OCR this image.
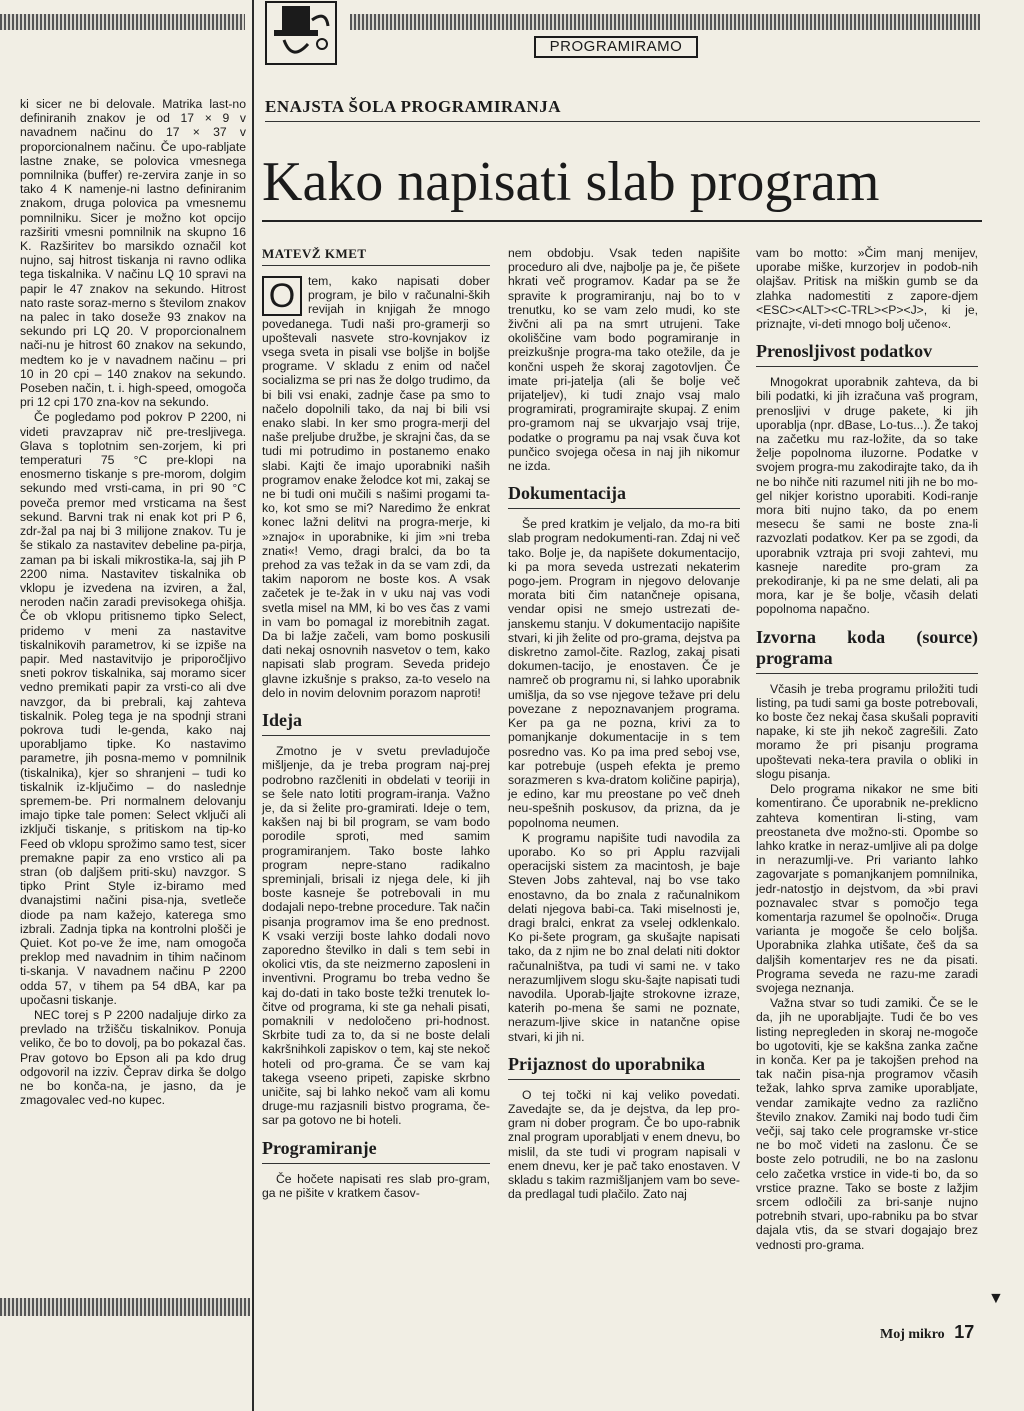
PROGRAMIRAMO
ENAJSTA ŠOLA PROGRAMIRANJA
Kako napisati slab program

ki sicer ne bi delovale. Matrika last-no definiranih znakov je od 17 × 9 v navadnem načinu do 17 × 37 v proporcionalnem načinu. Če upo-rabljate lastne znake, se polovica vmesnega pomnilnika (buffer) re-zervira zanje in so tako 4 K namenje-ni lastno definiranim znakom, druga polovica pa vmesnemu pomnilniku. Sicer je možno kot opcijo razširiti vmesni pomnilnik na skupno 16 K. Razširitev bo marsikdo označil kot nujno, saj hitrost tiskanja ni ravno odlika tega tiskalnika. V načinu LQ 10 spravi na papir le 47 znakov na sekundo. Hitrost nato raste soraz-merno s številom znakov na palec in tako doseže 93 znakov na sekundo pri LQ 20. V proporcionalnem nači-nu je hitrost 60 znakov na sekundo, medtem ko je v navadnem načinu – pri 10 in 20 cpi – 140 znakov na sekundo. Poseben način, t. i. high-speed, omogoča pri 12 cpi 170 zna-kov na sekundo.

Če pogledamo pod pokrov P 2200, ni videti pravzaprav nič pre-tresljivega. Glava s toplotnim sen-zorjem, ki pri temperaturi 75 °C pre-klopi na enosmerno tiskanje s pre-morom, dolgim sekundo med vrsti-cama, in pri 90 °C poveča premor med vrsticama na šest sekund. Barvni trak ni enak kot pri P 6, zdr-žal pa naj bi 3 milijone znakov. Tu je še stikalo za nastavitev debeline pa-pirja, zaman pa bi iskali mikrostika-la, saj jih P 2200 nima. Nastavitev tiskalnika ob vklopu je izvedena na izviren, a žal, neroden način zaradi previsokega ohišja. Če ob vklopu pritisnemo tipko Select, pridemo v meni za nastavitve tiskalnikovih parametrov, ki se izpiše na papir. Med nastavitvijo je priporočljivo sneti pokrov tiskalnika, saj moramo sicer vedno premikati papir za vrsti-co ali dve navzgor, da bi prebrali, kaj zahteva tiskalnik. Poleg tega je na spodnji strani pokrova tudi le-genda, kako naj uporabljamo tipke. Ko nastavimo parametre, jih posna-memo v pomnilnik (tiskalnika), kjer so shranjeni – tudi ko tiskalnik iz-ključimo – do naslednje spremem-be. Pri normalnem delovanju imajo tipke tale pomen: Select vključi ali izključi tiskanje, s pritiskom na tip-ko Feed ob vklopu sprožimo samo test, sicer premakne papir za eno vrstico ali pa stran (ob daljšem priti-sku) navzgor. S tipko Print Style iz-biramo med dvanajstimi načini pisa-nja, svetleče diode pa nam kažejo, katerega smo izbrali. Zadnja tipka na kontrolni plošči je Quiet. Kot po-ve že ime, nam omogoča preklop med navadnim in tihim načinom ti-skanja. V navadnem načinu P 2200 odda 57, v tihem pa 54 dBA, kar pa upočasni tiskanje.

NEC torej s P 2200 nadaljuje dirko za prevlado na tržišču tiskalnikov. Ponuja veliko, če bo to dovolj, pa bo pokazal čas. Prav gotovo bo Epson ali pa kdo drug odgovoril na izziv. Čeprav dirka še dolgo ne bo konča-na, je jasno, da je zmagovalec ved-no kupec.

MATEVŽ KMET

O	tem, kako napisati dober program, je bilo v računalni-ških revijah in knjigah že mnogo povedanega. Tudi naši pro-gramerji so upoštevali nasvete stro-kovnjakov iz vsega sveta in pisali vse boljše in boljše programe. V skladu z enim od načel socializma se pri nas že dolgo trudimo, da bi bili vsi enaki, zadnje čase pa smo to načelo dopolnili tako, da naj bi bili vsi enako slabi. In ker smo progra-merji del naše preljube družbe, je skrajni čas, da se tudi mi potrudimo in postanemo enako slabi. Kajti če imajo uporabniki naših programov enake želodce kot mi, zakaj se ne bi tudi oni mučili s našimi progami ta-ko, kot smo se mi? Naredimo že enkrat konec lažni delitvi na progra-merje, ki »znajo« in uporabnike, ki jim »ni treba znati«! Vemo, dragi bralci, da bo ta prehod za vas težak in da se vam zdi, da takim naporom ne boste kos. A vsak začetek je te-žak in v uku naj vas vodi svetla misel na MM, ki bo ves čas z vami in vam bo pomagal iz morebitnih zagat. Da bi lažje začeli, vam bomo poskusili dati nekaj osnovnih nasvetov o tem, kako napisati slab program. Seveda pridejo glavne izkušnje s prakso, za-to veselo na delo in novim delovnim porazom naproti!

Ideja

Zmotno je v svetu prevladujoče mišljenje, da je treba program naj-prej podrobno razčleniti in obdelati v teoriji in se šele nato lotiti program-iranja. Važno je, da si želite pro-gramirati. Ideje o tem, kakšen naj bi bil program, se vam bodo porodile sproti, med samim programiranjem. Tako boste lahko program nepre-stano radikalno spreminjali, brisali iz njega dele, ki jih boste kasneje še potrebovali in mu dodajali nepo-trebne procedure. Tak način pisanja programov ima še eno prednost. K vsaki verziji boste lahko dodali novo zaporedno številko in dali s tem sebi in okolici vtis, da ste neizmerno zaposleni in inventivni. Programu bo treba vedno še kaj do-dati in tako boste težki trenutek lo-čitve od programa, ki ste ga nehali pisati, pomaknili v nedoločeno pri-hodnost. Skrbite tudi za to, da si ne boste delali kakršnihkoli zapiskov o tem, kaj ste nekoč hoteli od pro-grama. Če se vam kaj takega vseeno pripeti, zapiske skrbno uničite, saj bi lahko nekoč vam ali komu druge-mu razjasnili bistvo programa, če-sar pa gotovo ne bi hoteli.

Programiranje

Če hočete napisati res slab pro-gram, ga ne pišite v kratkem časov-

nem obdobju. Vsak teden napišite proceduro ali dve, najbolje pa je, če pišete hkrati več programov. Kadar pa se že spravite k programiranju, naj bo to v trenutku, ko se vam zelo mudi, ko ste živčni ali pa na smrt utrujeni. Take okoliščine vam bodo pogramiranje in preizkušnje progra-ma tako otežile, da je končni uspeh že skoraj zagotovljen. Če imate pri-jatelja (ali še bolje več prijateljev), ki tudi znajo vsaj malo programirati, programirajte skupaj. Z enim pro-gramom naj se ukvarjajo vsaj trije, podatke o programu pa naj vsak čuva kot punčico svojega očesa in naj jih nikomur ne izda.

Dokumentacija

Še pred kratkim je veljalo, da mo-ra biti slab program nedokumenti-ran. Zdaj ni več tako. Bolje je, da napišete dokumentacijo, ki pa mora seveda ustrezati nekaterim pogo-jem. Program in njegovo delovanje morata biti čim natančneje opisana, vendar opisi ne smejo ustrezati de-janskemu stanju. V dokumentacijo napišite stvari, ki jih želite od pro-grama, dejstva pa diskretno zamol-čite. Razlog, zakaj pisati dokumen-tacijo, je enostaven. Če je namreč ob programu ni, si lahko uporabnik umišlja, da so vse njegove težave pri delu povezane z nepoznavanjem programa. Ker pa ga ne pozna, krivi za to pomanjkanje dokumentacije in s tem posredno vas. Ko pa ima pred seboj vse, kar potrebuje (uspeh efekta je premo sorazmeren s kva-dratom količine papirja), je edino, kar mu preostane po več dneh neu-spešnih poskusov, da prizna, da je popolnoma neumen.

K programu napišite tudi navodila za uporabo. Ko so pri Applu razvijali operacijski sistem za macintosh, je baje Steven Jobs zahteval, naj bo vse tako enostavno, da bo znala z računalnikom delati njegova babi-ca. Taki miselnosti je, dragi bralci, enkrat za vselej odklenkalo. Ko pi-šete program, ga skušajte napisati tako, da z njim ne bo znal delati niti doktor računalništva, pa tudi vi sami ne. v tako nerazumljivem slogu sku-šajte napisati tudi navodila. Uporab-ljajte strokovne izraze, katerih po-mena še sami ne poznate, nerazum-ljive skice in natančne opise stvari, ki jih ni.

Prijaznost do uporabnika

O tej točki ni kaj veliko povedati. Zavedajte se, da je dejstva, da lep pro-gram ni dober program. Če bo upo-rabnik znal program uporabljati v enem dnevu, bo mislil, da ste tudi vi program napisali v enem dnevu, ker je pač tako enostaven. V skladu s takim razmišljanjem vam bo seve-da predlagal tudi plačilo. Zato naj

vam bo motto: »Čim manj menijev, uporabe miške, kurzorjev in podob-nih olajšav. Pritisk na miškin gumb se da zlahka nadomestiti z zapore-djem <ESC><ALT><C-TRL><P><J>, ki je, priznajte, vi-deti mnogo bolj učeno«.

Prenosljivost podatkov

Mnogokrat uporabnik zahteva, da bi bili podatki, ki jih izračuna vaš program, prenosljivi v druge pakete, ki jih uporablja (npr. dBase, Lo-tus...). Že takoj na začetku mu raz-ložite, da so take želje popolnoma iluzorne. Podatke v svojem progra-mu zakodirajte tako, da ih ne bo nihče niti razumel niti jih ne bo mo-gel nikjer koristno uporabiti. Kodi-ranje mora biti nujno tako, da po enem mesecu še sami ne boste zna-li razvozlati podatkov. Ker pa se zgodi, da uporabnik vztraja pri svoji zahtevi, mu kasneje naredite pro-gram za prekodiranje, ki pa ne sme delati, ali pa mora, kar je še bolje, včasih delati popolnoma napačno.

Izvorna koda (source) programa

Včasih je treba programu priložiti tudi listing, pa tudi sami ga boste potrebovali, ko boste čez nekaj časa skušali popraviti napake, ki ste jih nekoč zagrešili. Zato moramo že pri pisanju programa upoštevati neka-tera pravila o obliki in slogu pisanja.

Delo programa nikakor ne sme biti komentirano. Če uporabnik ne-preklicno zahteva komentiran li-sting, vam preostaneta dve možno-sti. Opombe so lahko kratke in neraz-umljive ali pa dolge in nerazumlji-ve. Pri varianto lahko zagovarjate s pomanjkanjem pomnilnika, jedr-natostjo in dejstvom, da »bi pravi poznavalec stvar s pomočjo tega komentarja razumel še opolnoči«. Druga varianta je mogoče še celo boljša. Uporabnika zlahka utišate, češ da sa daljših komentarjev res ne da pisati. Programa seveda ne razu-me zaradi svojega neznanja.

Važna stvar so tudi zamiki. Če se le da, jih ne uporabljajte. Tudi če bo ves listing nepregleden in skoraj ne-mogoče bo ugotoviti, kje se kakšna zanka začne in konča. Ker pa je takojšen prehod na tak način pisa-nja programov včasih težak, lahko sprva zamike uporabljate, vendar zamikajte vedno za različno število znakov. Zamiki naj bodo tudi čim večji, saj tako cele programske vr-stice ne bo moč videti na zaslonu. Če se boste zelo potrudili, ne bo na zaslonu celo začetka vrstice in vide-ti bo, da so vrstice prazne. Tako se boste z lažjim srcem odločili za bri-sanje nujno potrebnih stvari, upo-rabniku pa bo stvar dajala vtis, da se stvari dogajajo brez vednosti pro-grama.

▼
Moj mikro 17
